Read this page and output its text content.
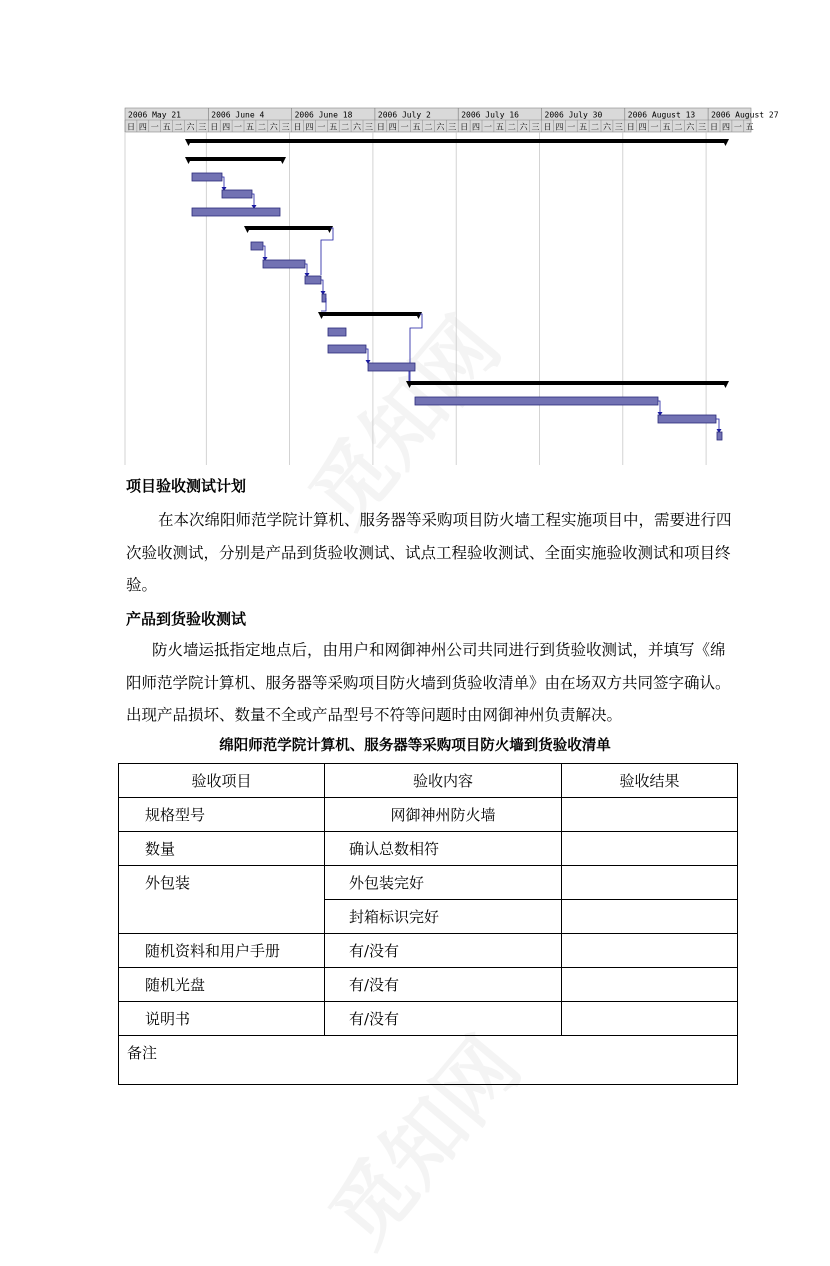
2006 May 21	2006 June 4	2006 June 18	2006 July 2	2006 July 16	2006 July 30	2006 August 13 2006 August 27
日 四 一 五 二 六 三 日 四 一 五 二 六 三 日 四 一 五 二 六 三 日 四 一 五 二 六 三 日 四 一 五 二 六 三 日 四 一 五 二 六 三 日 四 一 五 二 六 三 日 四 一 五
项目验收测试计划
在本次绵阳师范学院计算机、服务器等采购项目防火墙工程实施项目中，需要进行四次验收测试，分别是产品到货验收测试、试点工程验收测试、全面实施验收测试和项目终验。
产品到货验收测试
防火墙运抵指定地点后，由用户和网御神州公司共同进行到货验收测试，并填写《绵阳师范学院计算机、服务器等采购项目防火墙到货验收清单》由在场双方共同签字确认。出现产品损坏、数量不全或产品型号不符等问题时由网御神州负责解决。
绵阳师范学院计算机、服务器等采购项目防火墙到货验收清单
验收项目	验收内容	验收结果
规格型号	网御神州防火墙	
数量	确认总数相符	
外包装	外包装完好	
	封箱标识完好	
随机资料和用户手册	有/没有	
随机光盘	有/没有	
说明书	有/没有	
备注		
